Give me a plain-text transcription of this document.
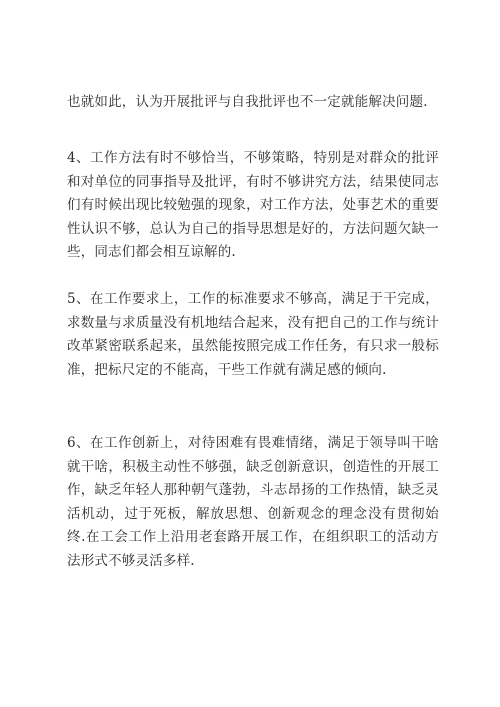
也就如此，认为开展批评与自我批评也不一定就能解决问题.

4、工作方法有时不够恰当，不够策略，特别是对群众的批评和对单位的同事指导及批评，有时不够讲究方法，结果使同志们有时候出现比较勉强的现象，对工作方法，处事艺术的重要性认识不够，总认为自己的指导思想是好的，方法问题欠缺一些，同志们都会相互谅解的.

5、在工作要求上，工作的标准要求不够高，满足于干完成，求数量与求质量没有机地结合起来，没有把自己的工作与统计改革紧密联系起来，虽然能按照完成工作任务，有只求一般标准，把标尺定的不能高，干些工作就有满足感的倾向.

6、在工作创新上，对待困难有畏难情绪，满足于领导叫干啥就干啥，积极主动性不够强，缺乏创新意识，创造性的开展工作，缺乏年轻人那种朝气蓬勃，斗志昂扬的工作热情，缺乏灵活机动，过于死板，解放思想、创新观念的理念没有贯彻始终.在工会工作上沿用老套路开展工作，在组织职工的活动方法形式不够灵活多样.
